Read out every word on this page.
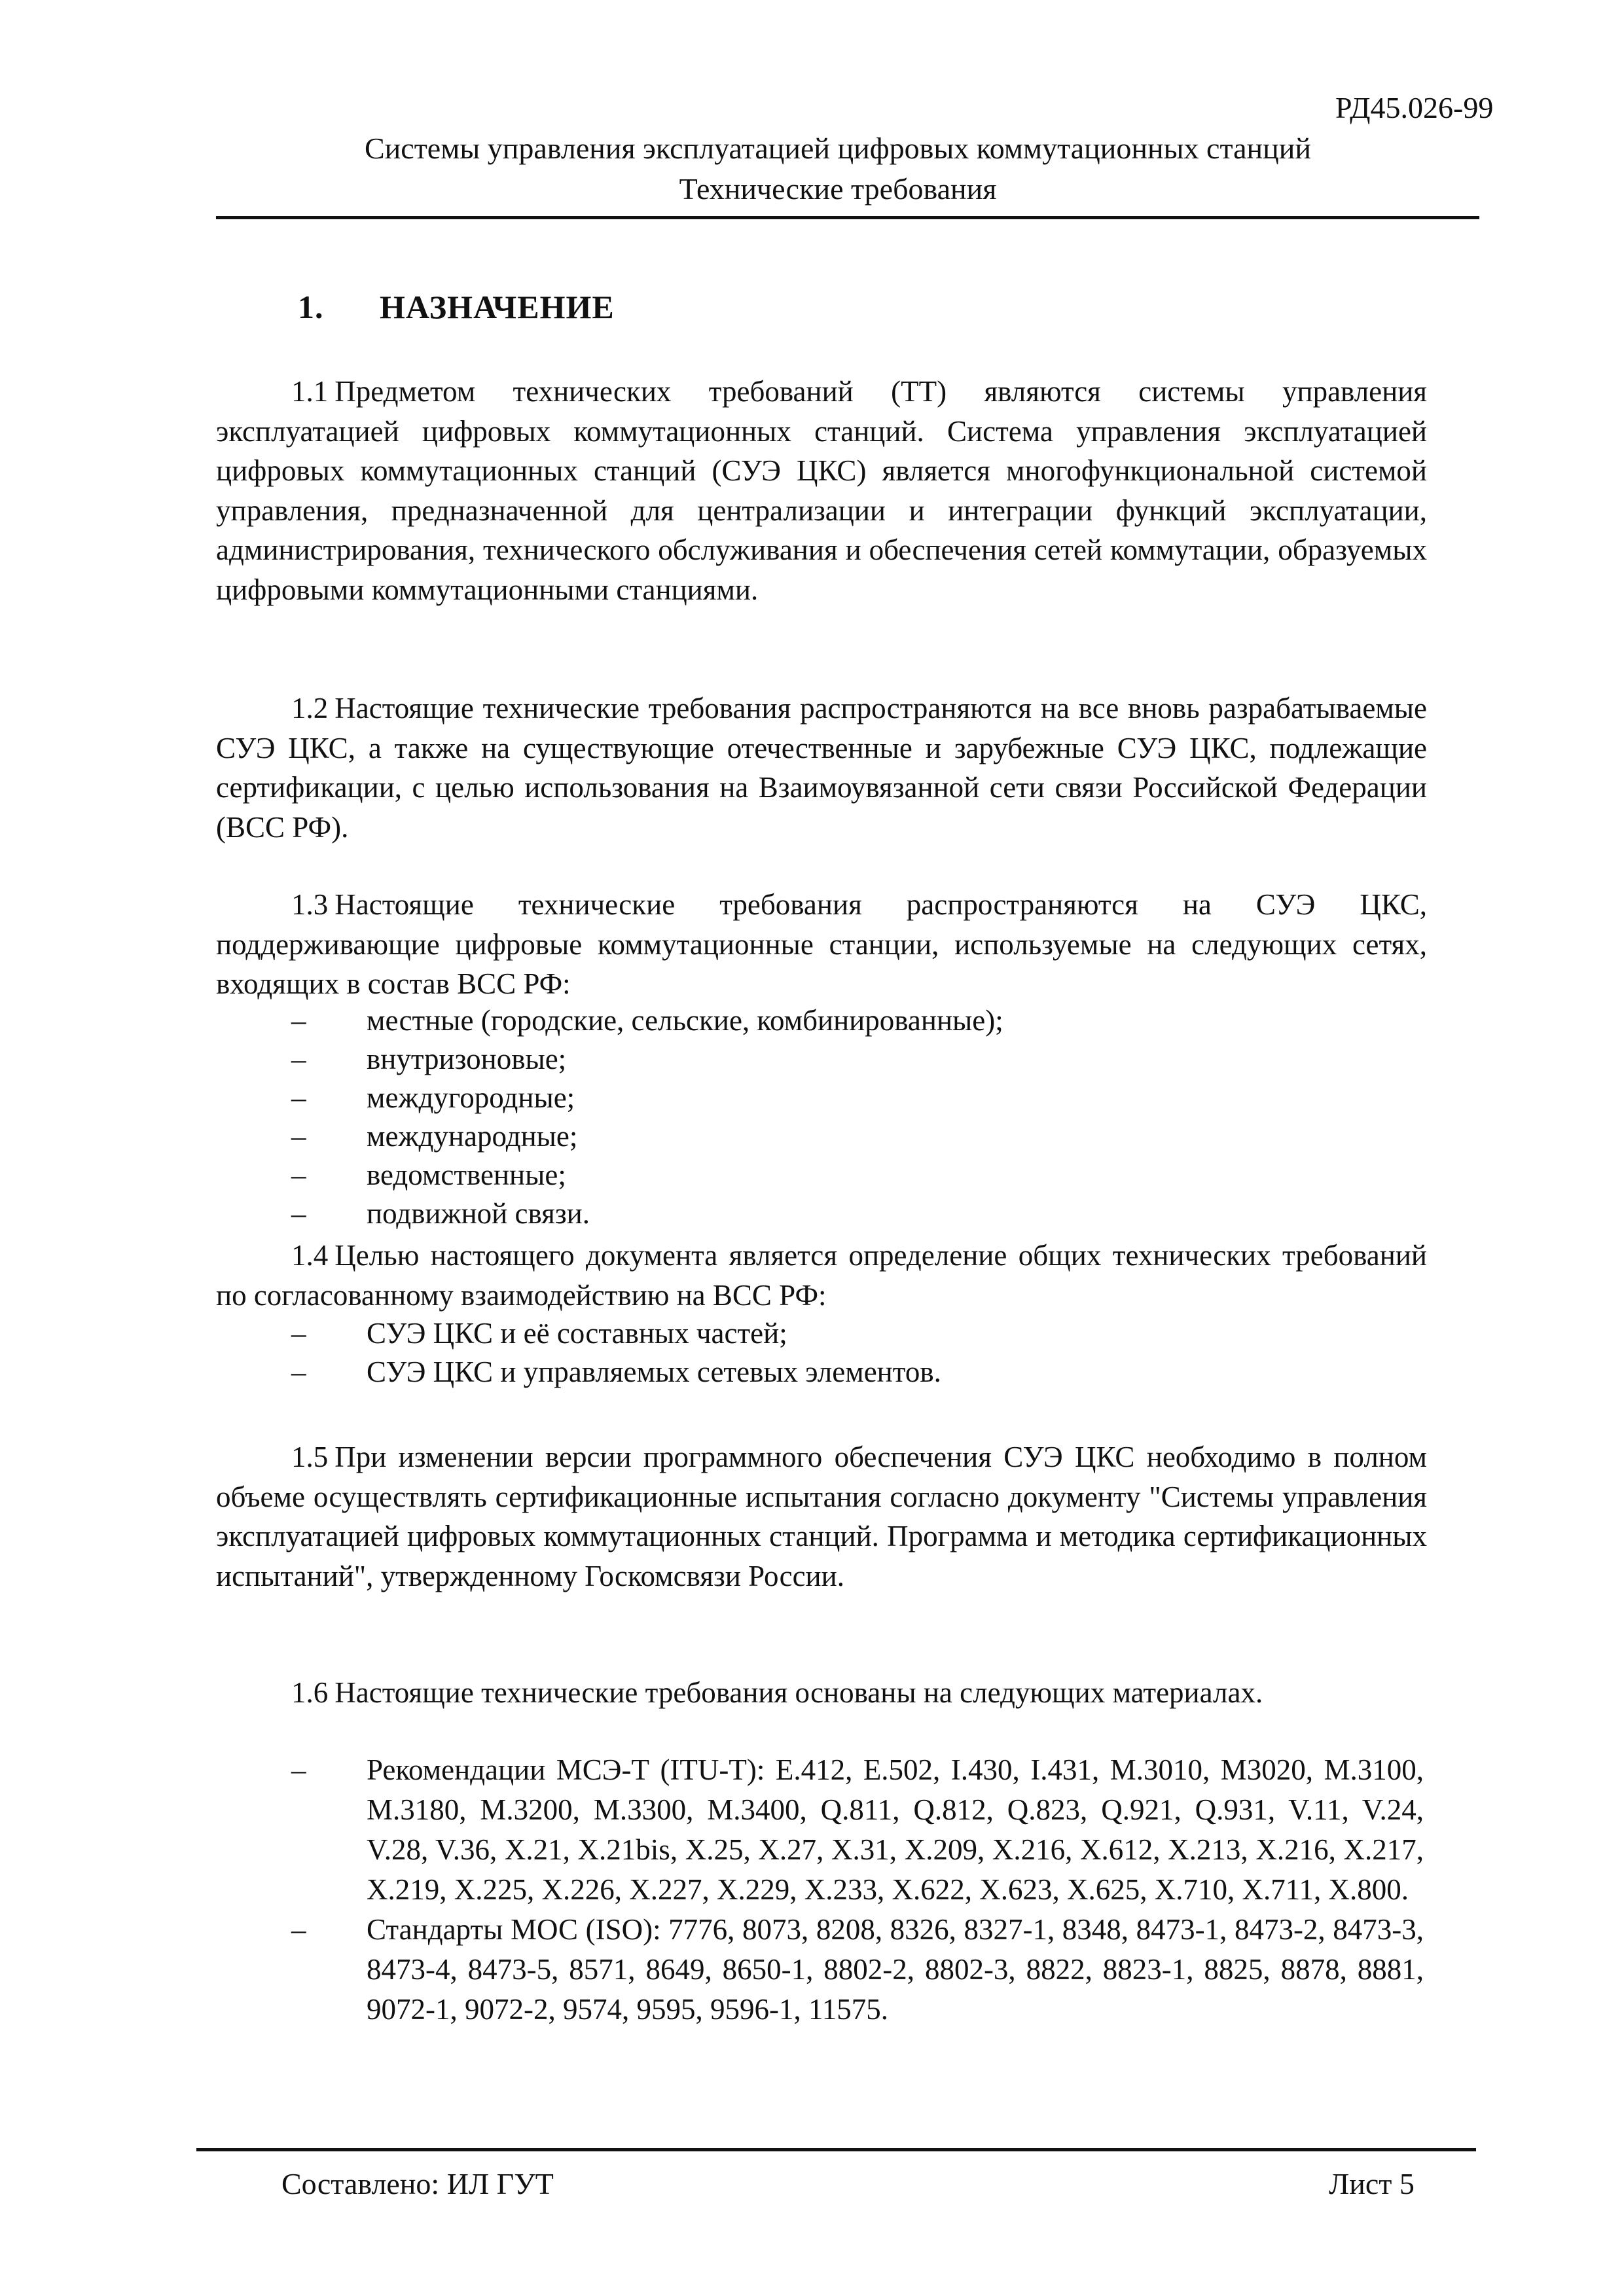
РД45.026-99
Системы управления эксплуатацией цифровых коммутационных станций
Технические требования
1. НАЗНАЧЕНИЕ
1.1 Предметом технических требований (ТТ) являются системы управления эксплуатацией цифровых коммутационных станций. Система управления эксплуатацией цифровых коммутационных станций (СУЭ ЦКС) является многофункциональной системой управления, предназначенной для централизации и интеграции функций эксплуатации, администрирования, технического обслуживания и обеспечения сетей коммутации, образуемых цифровыми коммутационными станциями.
1.2 Настоящие технические требования распространяются на все вновь разрабатываемые СУЭ ЦКС, а также на существующие отечественные и зарубежные СУЭ ЦКС, подлежащие сертификации, с целью использования на Взаимоувязанной сети связи Российской Федерации (ВСС РФ).
1.3 Настоящие технические требования распространяются на СУЭ ЦКС, поддерживающие цифровые коммутационные станции, используемые на следующих сетях, входящих в состав ВСС РФ:
– местные (городские, сельские, комбинированные);
– внутризоновые;
– междугородные;
– международные;
– ведомственные;
– подвижной связи.
1.4 Целью настоящего документа является определение общих технических требований по согласованному взаимодействию на ВСС РФ:
– СУЭ ЦКС и её составных частей;
– СУЭ ЦКС и управляемых сетевых элементов.
1.5 При изменении версии программного обеспечения СУЭ ЦКС необходимо в полном объеме осуществлять сертификационные испытания согласно документу "Системы управления эксплуатацией цифровых коммутационных станций. Программа и методика сертификационных испытаний", утвержденному Госкомсвязи России.
1.6 Настоящие технические требования основаны на следующих материалах.
– Рекомендации МСЭ-Т (ITU-T): Е.412, Е.502, I.430, I.431, М.3010, М3020, М.3100, М.3180, М.3200, М.3300, М.3400, Q.811, Q.812, Q.823, Q.921, Q.931, V.11, V.24, V.28, V.36, X.21, X.21bis, X.25, X.27, X.31, X.209, X.216, X.612, X.213, X.216, X.217, X.219, X.225, X.226, X.227, X.229, X.233, X.622, X.623, X.625, X.710, X.711, X.800.
– Стандарты МОС (ISO): 7776, 8073, 8208, 8326, 8327-1, 8348, 8473-1, 8473-2, 8473-3, 8473-4, 8473-5, 8571, 8649, 8650-1, 8802-2, 8802-3, 8822, 8823-1, 8825, 8878, 8881, 9072-1, 9072-2, 9574, 9595, 9596-1, 11575.
Составлено: ИЛ ГУТ	Лист 5
